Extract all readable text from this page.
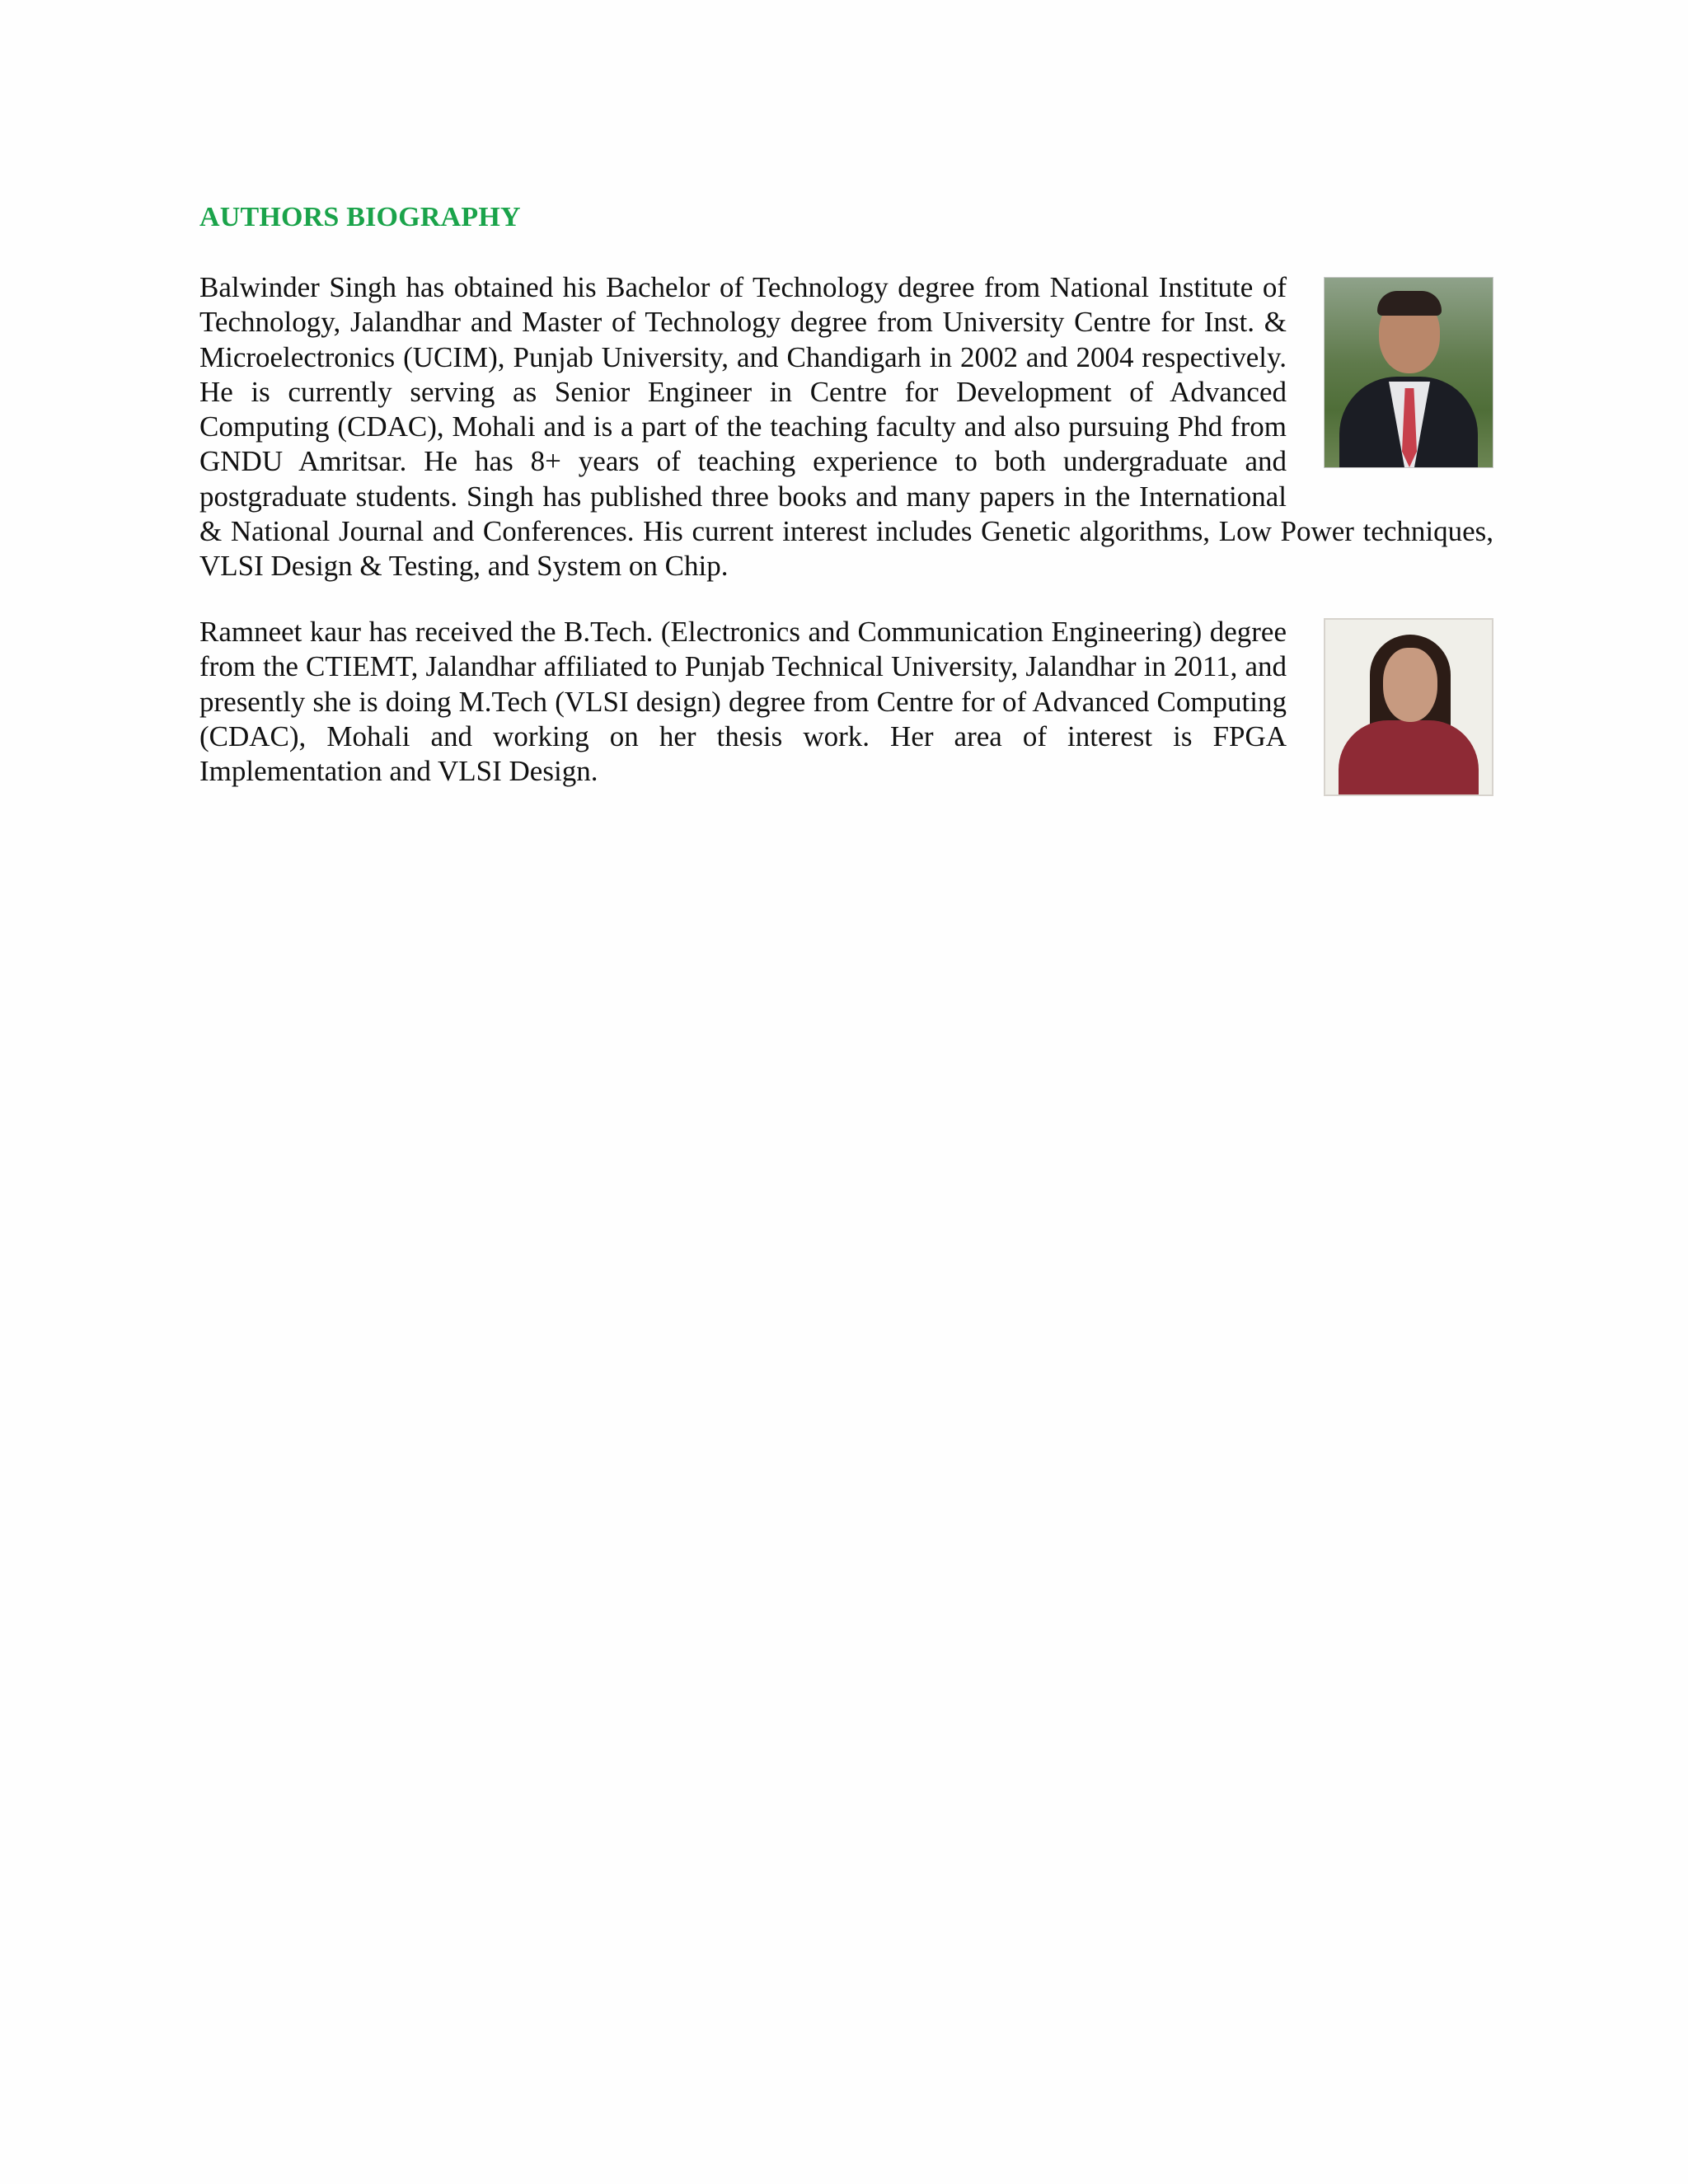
AUTHORS BIOGRAPHY
Balwinder Singh has obtained his Bachelor of Technology degree from National Institute of Technology, Jalandhar and Master of Technology degree from University Centre for Inst. & Microelectronics (UCIM), Punjab University, and Chandigarh in 2002 and 2004 respectively. He is currently serving as Senior Engineer in Centre for Development of Advanced Computing (CDAC), Mohali and is a part of the teaching faculty and also pursuing Phd from GNDU Amritsar. He has 8+ years of teaching experience to both undergraduate and postgraduate students. Singh has published three books and many papers in the International & National Journal and Conferences. His current interest includes Genetic algorithms, Low Power techniques, VLSI Design & Testing, and System on Chip.
Ramneet kaur has received the B.Tech. (Electronics and Communication Engineering) degree from the CTIEMT, Jalandhar affiliated to Punjab Technical University, Jalandhar in 2011, and presently she is doing M.Tech (VLSI design) degree from Centre for of Advanced Computing (CDAC), Mohali and working on her thesis work. Her area of interest is FPGA Implementation and VLSI Design.
